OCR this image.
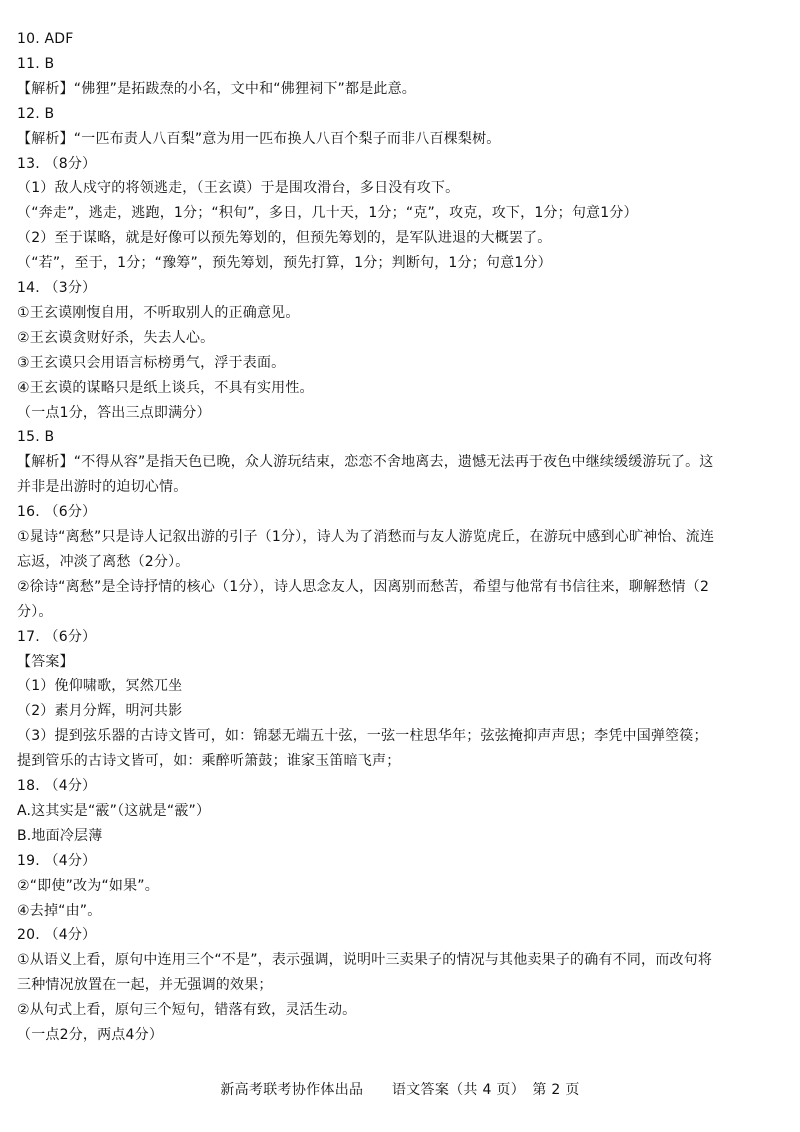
10. ADF
11. B
【解析】“佛狸”是拓跋焘的小名，文中和“佛狸祠下”都是此意。
12. B
【解析】“一匹布责人八百梨”意为用一匹布换人八百个梨子而非八百棵梨树。
13. （8分）
（1）敌人戍守的将领逃走，（王玄谟）于是围攻滑台，多日没有攻下。
（“奔走”，逃走，逃跑，1分；“积旬”，多日，几十天，1分；“克”，攻克，攻下，1分；句意1分）
（2）至于谋略，就是好像可以预先筹划的，但预先筹划的，是军队进退的大概罢了。
（“若”，至于，1分；“豫筹”，预先筹划，预先打算，1分；判断句，1分；句意1分）
14. （3分）
①王玄谟刚愎自用，不听取别人的正确意见。
②王玄谟贪财好杀，失去人心。
③王玄谟只会用语言标榜勇气，浮于表面。
④王玄谟的谋略只是纸上谈兵，不具有实用性。
（一点1分，答出三点即满分）
15. B
【解析】“不得从容”是指天色已晚，众人游玩结束，恋恋不舍地离去，遗憾无法再于夜色中继续缓缓游玩了。这
并非是出游时的迫切心情。
16. （6分）
①晁诗“离愁”只是诗人记叙出游的引子（1分），诗人为了消愁而与友人游览虎丘，在游玩中感到心旷神怡、流连
忘返，冲淡了离愁（2分）。
②徐诗“离愁”是全诗抒情的核心（1分），诗人思念友人，因离别而愁苦，希望与他常有书信往来，聊解愁情（2
分）。
17. （6分）
【答案】
（1）俛仰啸歌，冥然兀坐
（2）素月分辉，明河共影
（3）提到弦乐器的古诗文皆可，如：锦瑟无端五十弦，一弦一柱思华年；弦弦掩抑声声思；李凭中国弹箜篌；
提到管乐的古诗文皆可，如：乘醉听箫鼓；谁家玉笛暗飞声；
18. （4分）
A.这其实是“霰”（这就是“霰”）
B.地面冷层薄
19. （4分）
②“即使”改为“如果”。
④去掉“由”。
20. （4分）
①从语义上看，原句中连用三个“不是”，表示强调，说明叶三卖果子的情况与其他卖果子的确有不同，而改句将
三种情况放置在一起，并无强调的效果；
②从句式上看，原句三个短句，错落有致，灵活生动。
（一点2分，两点4分）
新高考联考协作体出品　　语文答案（共 4 页）　第 2 页
